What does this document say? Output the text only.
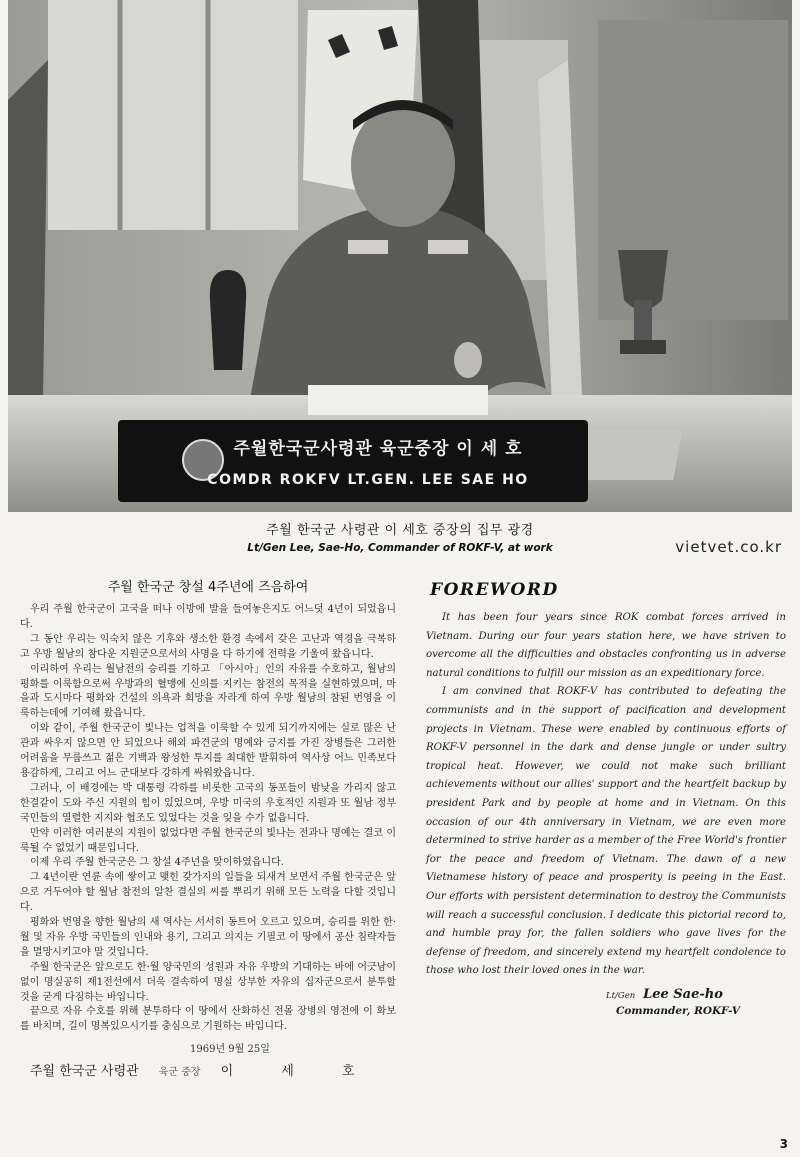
주월한국군사령관 육군중장 이 세 호
COMDR ROKFV LT.GEN. LEE SAE HO
주월 한국군 사령관 이 세호 중장의 집무 광경
Lt/Gen Lee, Sae-Ho, Commander of ROKF-V, at work	vietvet.co.kr
주월 한국군 창설 4주년에 즈음하여

우리 주월 한국군이 고국을 떠나 이방에 발을 들여놓은지도 어느덧 4년이 되었읍니다.

그 동안 우리는 익숙치 않은 기후와 생소한 환경 속에서 갖은 고난과 역경을 극복하고 우방 월남의 참다운 지원군으로서의 사명을 다 하기에 전력을 기울여 왔읍니다.

이리하여 우리는 월남전의 승리를 기하고 「아시아」인의 자유를 수호하고, 월남의 평화를 이룩함으로써 우방과의 혈맹에 신의를 지키는 참전의 목적을 실현하였으며, 마을과 도시마다 평화와 건설의 의욕과 희망을 자라게 하여 우방 월남의 참된 번영을 이룩하는데에 기여해 왔읍니다.

이와 같이, 주월 한국군이 빛나는 업적을 이룩할 수 있게 되기까지에는 실로 많은 난관과 싸우지 않으면 안 되었으나 해외 파견군의 명예와 긍지를 가진 장병들은 그러한 어려움을 무릅쓰고 젊은 기백과 왕성한 투지를 최대한 발휘하여 역사상 어느 민족보다 용감하게, 그리고 어느 군대보다 강하게 싸워왔읍니다.

그러나, 이 배경에는 박 대통령 각하를 비롯한 고국의 동포들이 밤낮을 가리지 않고 한결같이 도와 주신 지원의 힘이 있었으며, 우방 미국의 우호적인 지원과 또 월남 정부 국민들의 열렬한 지지와 협조도 있었다는 것을 잊을 수가 없읍니다.

만약 이러한 여러분의 지원이 없었다면 주월 한국군의 빛나는 전과나 명예는 결코 이룩될 수 없었기 때문입니다.

이제 우리 주월 한국군은 그 창설 4주년을 맞이하였읍니다.

그 4년이란 연륜 속에 쌓이고 맺힌 갖가지의 일들을 되새겨 보면서 주월 한국군은 앞으로 거두어야 할 월남 참전의 알찬 결실의 씨를 뿌리기 위해 모든 노력을 다할 것입니다.

평화와 번영을 향한 월남의 새 역사는 서서히 동트어 오르고 있으며, 승리를 위한 한·월 및 자유 우방 국민들의 인내와 용기, 그리고 의지는 기필코 이 땅에서 공산 침략자들을 멸망시키고야 말 것입니다.

주월 한국군은 앞으로도 한·월 양국민의 성원과 자유 우방의 기대하는 바에 어긋남이 없이 명실공히 제1전선에서 더욱 결속하여 명실 상부한 자유의 십자군으로서 분투할 것을 굳게 다짐하는 바입니다.

끝으로 자유 수호를 위해 분투하다 이 땅에서 산화하신 전몰 장병의 영전에 이 화보를 바치며, 길이 명복있으시기를 충심으로 기원하는 바입니다.

1969년 9월 25일
주월 한국군 사령관 육군 중장 이 세 호
FOREWORD

It has been four years since ROK combat forces arrived in Vietnam. During our four years station here, we have striven to overcome all the difficulties and obstacles confronting us in adverse natural conditions to fulfill our mission as an expeditionary force.

I am convined that ROKF-V has contributed to defeating the communists and in the support of pacification and development projects in Vietnam. These were enabled by continuous efforts of ROKF-V personnel in the dark and dense jungle or under sultry tropical heat. However, we could not make such brilliant achievements without our allies' support and the heartfelt backup by president Park and by people at home and in Vietnam. On this occasion of our 4th anniversary in Vietnam, we are even more determined to strive harder as a member of the Free World's frontier for the peace and freedom of Vietnam. The dawn of a new Vietnamese history of peace and prosperity is peeing in the East. Our efforts with persistent determination to destroy the Communists will reach a successful conclusion. I dedicate this pictorial record to, and humble pray for, the fallen soldiers who gave lives for the defense of freedom, and sincerely extend my heartfelt condolence to those who lost their loved ones in the war.

Lt/Gen Lee Sae-ho
Commander, ROKF-V
3
